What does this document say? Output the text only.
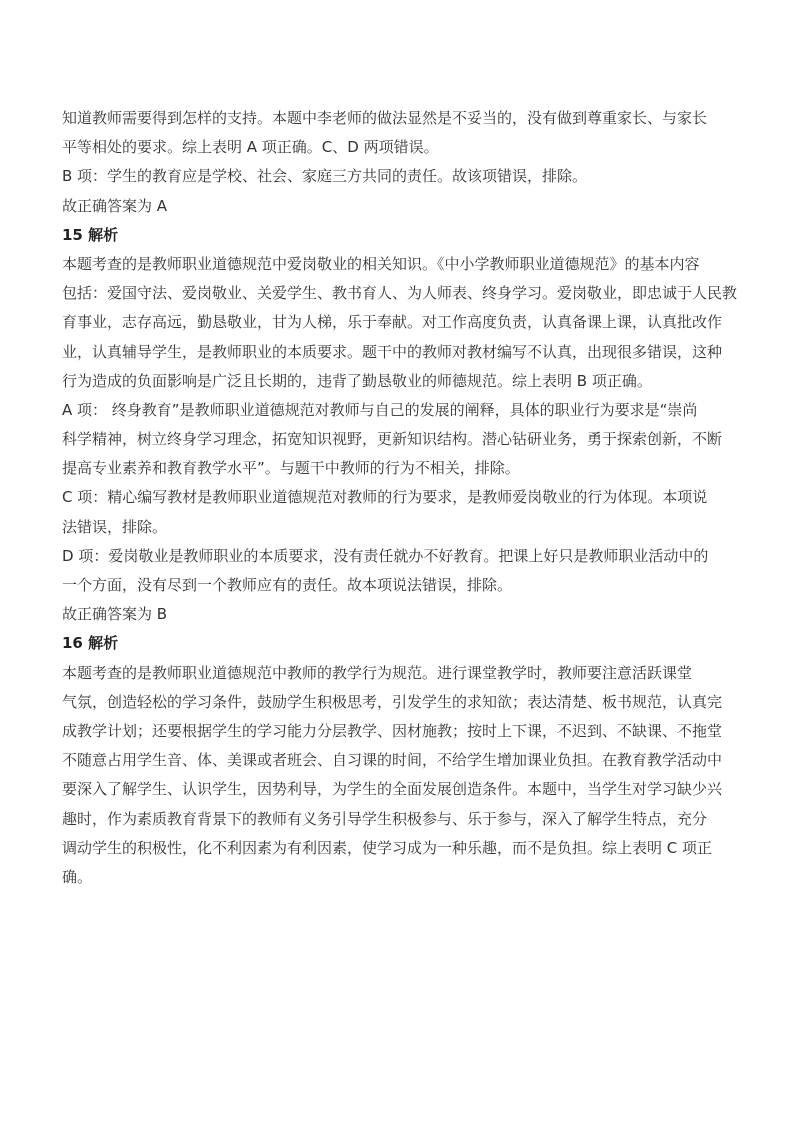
知道教师需要得到怎样的支持。本题中李老师的做法显然是不妥当的，没有做到尊重家长、与家长
平等相处的要求。综上表明 A 项正确。C、D 两项错误。
B 项：学生的教育应是学校、社会、家庭三方共同的责任。故该项错误，排除。
故正确答案为 A
15 解析
本题考查的是教师职业道德规范中爱岗敬业的相关知识。《中小学教师职业道德规范》的基本内容
包括：爱国守法、爱岗敬业、关爱学生、教书育人、为人师表、终身学习。爱岗敬业，即忠诚于人民教
育事业，志存高远，勤恳敬业，甘为人梯，乐于奉献。对工作高度负责，认真备课上课，认真批改作
业，认真辅导学生，是教师职业的本质要求。题干中的教师对教材编写不认真，出现很多错误，这种
行为造成的负面影响是广泛且长期的，违背了勤恳敬业的师德规范。综上表明 B 项正确。
A 项： 终身教育”是教师职业道德规范对教师与自己的发展的阐释，具体的职业行为要求是“崇尚
科学精神，树立终身学习理念，拓宽知识视野，更新知识结构。潜心钻研业务，勇于探索创新，不断
提高专业素养和教育教学水平”。与题干中教师的行为不相关，排除。
C 项：精心编写教材是教师职业道德规范对教师的行为要求，是教师爱岗敬业的行为体现。本项说
法错误，排除。
D 项：爱岗敬业是教师职业的本质要求，没有责任就办不好教育。把课上好只是教师职业活动中的
一个方面，没有尽到一个教师应有的责任。故本项说法错误，排除。
故正确答案为 B
16 解析
本题考查的是教师职业道德规范中教师的教学行为规范。进行课堂教学时，教师要注意活跃课堂
气氛，创造轻松的学习条件，鼓励学生积极思考，引发学生的求知欲；表达清楚、板书规范，认真完
成教学计划；还要根据学生的学习能力分层教学、因材施教；按时上下课，不迟到、不缺课、不拖堂
不随意占用学生音、体、美课或者班会、自习课的时间，不给学生增加课业负担。在教育教学活动中
要深入了解学生、认识学生，因势利导，为学生的全面发展创造条件。本题中，当学生对学习缺少兴
趣时，作为素质教育背景下的教师有义务引导学生积极参与、乐于参与，深入了解学生特点，充分
调动学生的积极性，化不利因素为有利因素，使学习成为一种乐趣，而不是负担。综上表明 C 项正
确。
